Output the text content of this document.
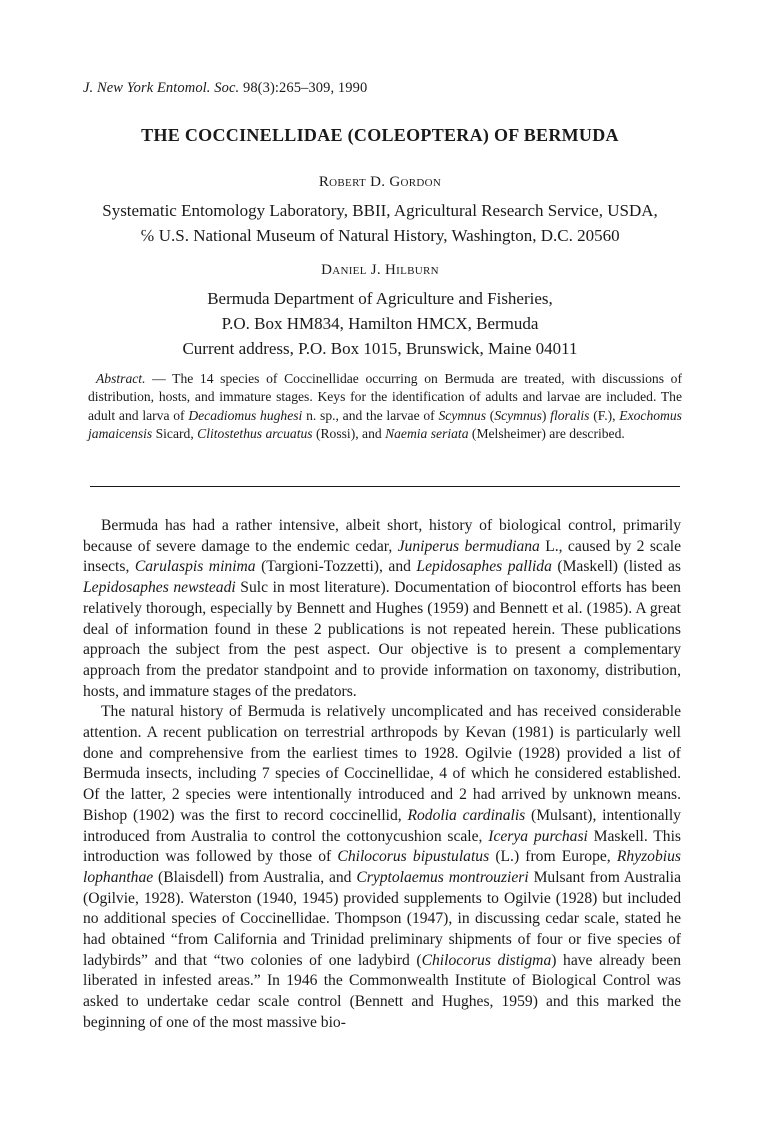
J. New York Entomol. Soc. 98(3):265–309, 1990
THE COCCINELLIDAE (COLEOPTERA) OF BERMUDA
Robert D. Gordon
Systematic Entomology Laboratory, BBII, Agricultural Research Service, USDA,
℅ U.S. National Museum of Natural History, Washington, D.C. 20560
Daniel J. Hilburn
Bermuda Department of Agriculture and Fisheries,
P.O. Box HM834, Hamilton HMCX, Bermuda
Current address, P.O. Box 1015, Brunswick, Maine 04011
Abstract. — The 14 species of Coccinellidae occurring on Bermuda are treated, with discussions of distribution, hosts, and immature stages. Keys for the identification of adults and larvae are included. The adult and larva of Decadiomus hughesi n. sp., and the larvae of Scymnus (Scymnus) floralis (F.), Exochomus jamaicensis Sicard, Clitostethus arcuatus (Rossi), and Naemia seriata (Melsheimer) are described.

Bermuda has had a rather intensive, albeit short, history of biological control, primarily because of severe damage to the endemic cedar, Juniperus bermudiana L., caused by 2 scale insects, Carulaspis minima (Targioni-Tozzetti), and Lepidosaphes pallida (Maskell) (listed as Lepidosaphes newsteadi Sulc in most literature). Documentation of biocontrol efforts has been relatively thorough, especially by Bennett and Hughes (1959) and Bennett et al. (1985). A great deal of information found in these 2 publications is not repeated herein. These publications approach the subject from the pest aspect. Our objective is to present a complementary approach from the predator standpoint and to provide information on taxonomy, distribution, hosts, and immature stages of the predators.

The natural history of Bermuda is relatively uncomplicated and has received considerable attention. A recent publication on terrestrial arthropods by Kevan (1981) is particularly well done and comprehensive from the earliest times to 1928. Ogilvie (1928) provided a list of Bermuda insects, including 7 species of Coccinellidae, 4 of which he considered established. Of the latter, 2 species were intentionally introduced and 2 had arrived by unknown means. Bishop (1902) was the first to record coccinellid, Rodolia cardinalis (Mulsant), intentionally introduced from Australia to control the cottonycushion scale, Icerya purchasi Maskell. This introduction was followed by those of Chilocorus bipustulatus (L.) from Europe, Rhyzobius lophanthae (Blaisdell) from Australia, and Cryptolaemus montrouzieri Mulsant from Australia (Ogilvie, 1928). Waterston (1940, 1945) provided supplements to Ogilvie (1928) but included no additional species of Coccinellidae. Thompson (1947), in discussing cedar scale, stated he had obtained “from California and Trinidad preliminary shipments of four or five species of ladybirds” and that “two colonies of one ladybird (Chilocorus distigma) have already been liberated in infested areas.” In 1946 the Commonwealth Institute of Biological Control was asked to undertake cedar scale control (Bennett and Hughes, 1959) and this marked the beginning of one of the most massive bio-
